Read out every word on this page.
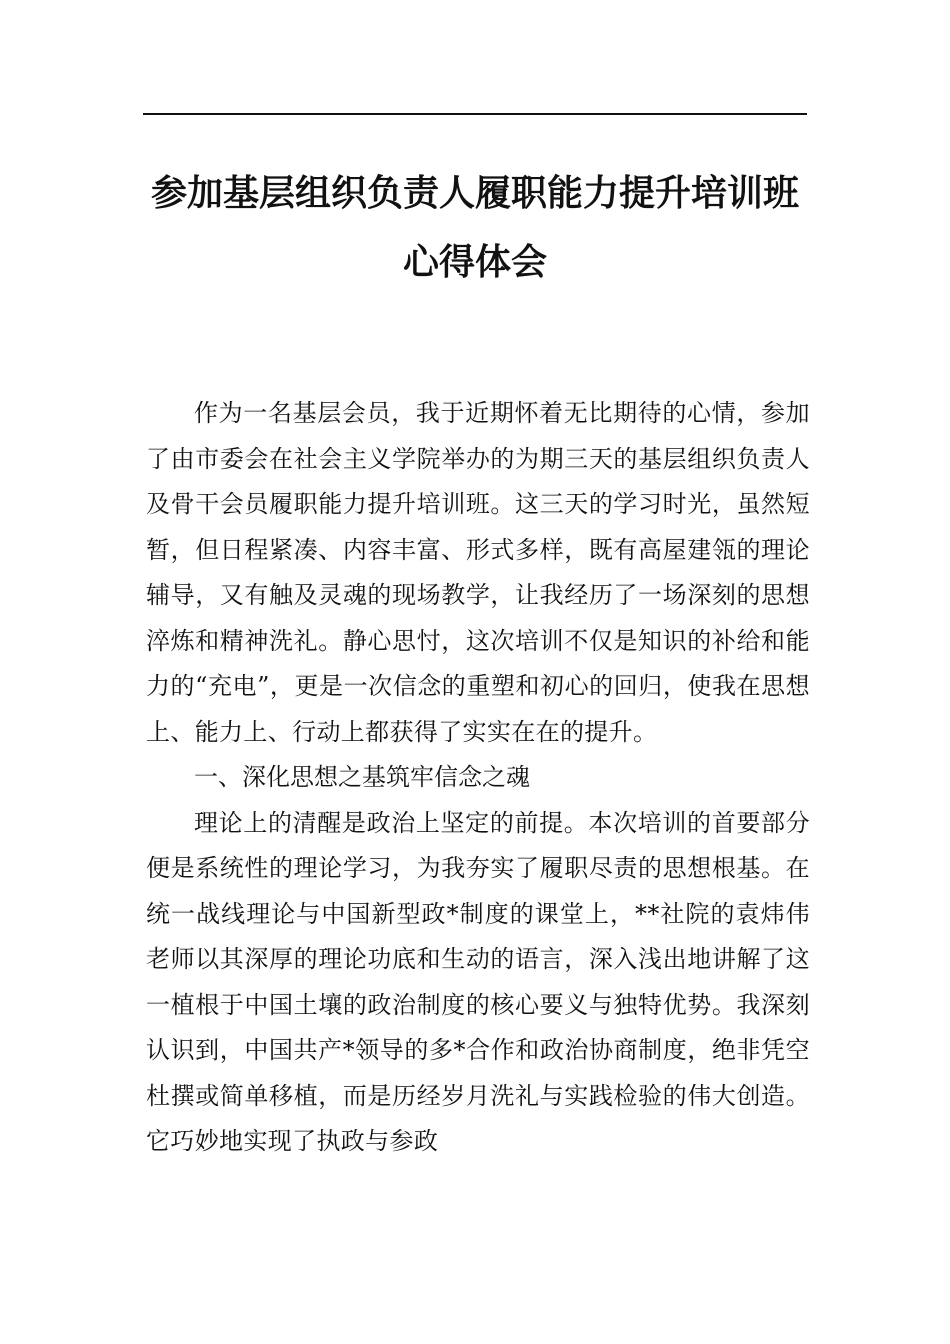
参加基层组织负责人履职能力提升培训班
心得体会

作为一名基层会员，我于近期怀着无比期待的心情，参加了由市委会在社会主义学院举办的为期三天的基层组织负责人及骨干会员履职能力提升培训班。这三天的学习时光，虽然短暂，但日程紧凑、内容丰富、形式多样，既有高屋建瓴的理论辅导，又有触及灵魂的现场教学，让我经历了一场深刻的思想淬炼和精神洗礼。静心思忖，这次培训不仅是知识的补给和能力的“充电”，更是一次信念的重塑和初心的回归，使我在思想上、能力上、行动上都获得了实实在在的提升。

一、深化思想之基筑牢信念之魂

理论上的清醒是政治上坚定的前提。本次培训的首要部分便是系统性的理论学习，为我夯实了履职尽责的思想根基。在统一战线理论与中国新型政*制度的课堂上，**社院的袁炜伟老师以其深厚的理论功底和生动的语言，深入浅出地讲解了这一植根于中国土壤的政治制度的核心要义与独特优势。我深刻认识到，中国共产*领导的多*合作和政治协商制度，绝非凭空杜撰或简单移植，而是历经岁月洗礼与实践检验的伟大创造。它巧妙地实现了执政与参政
